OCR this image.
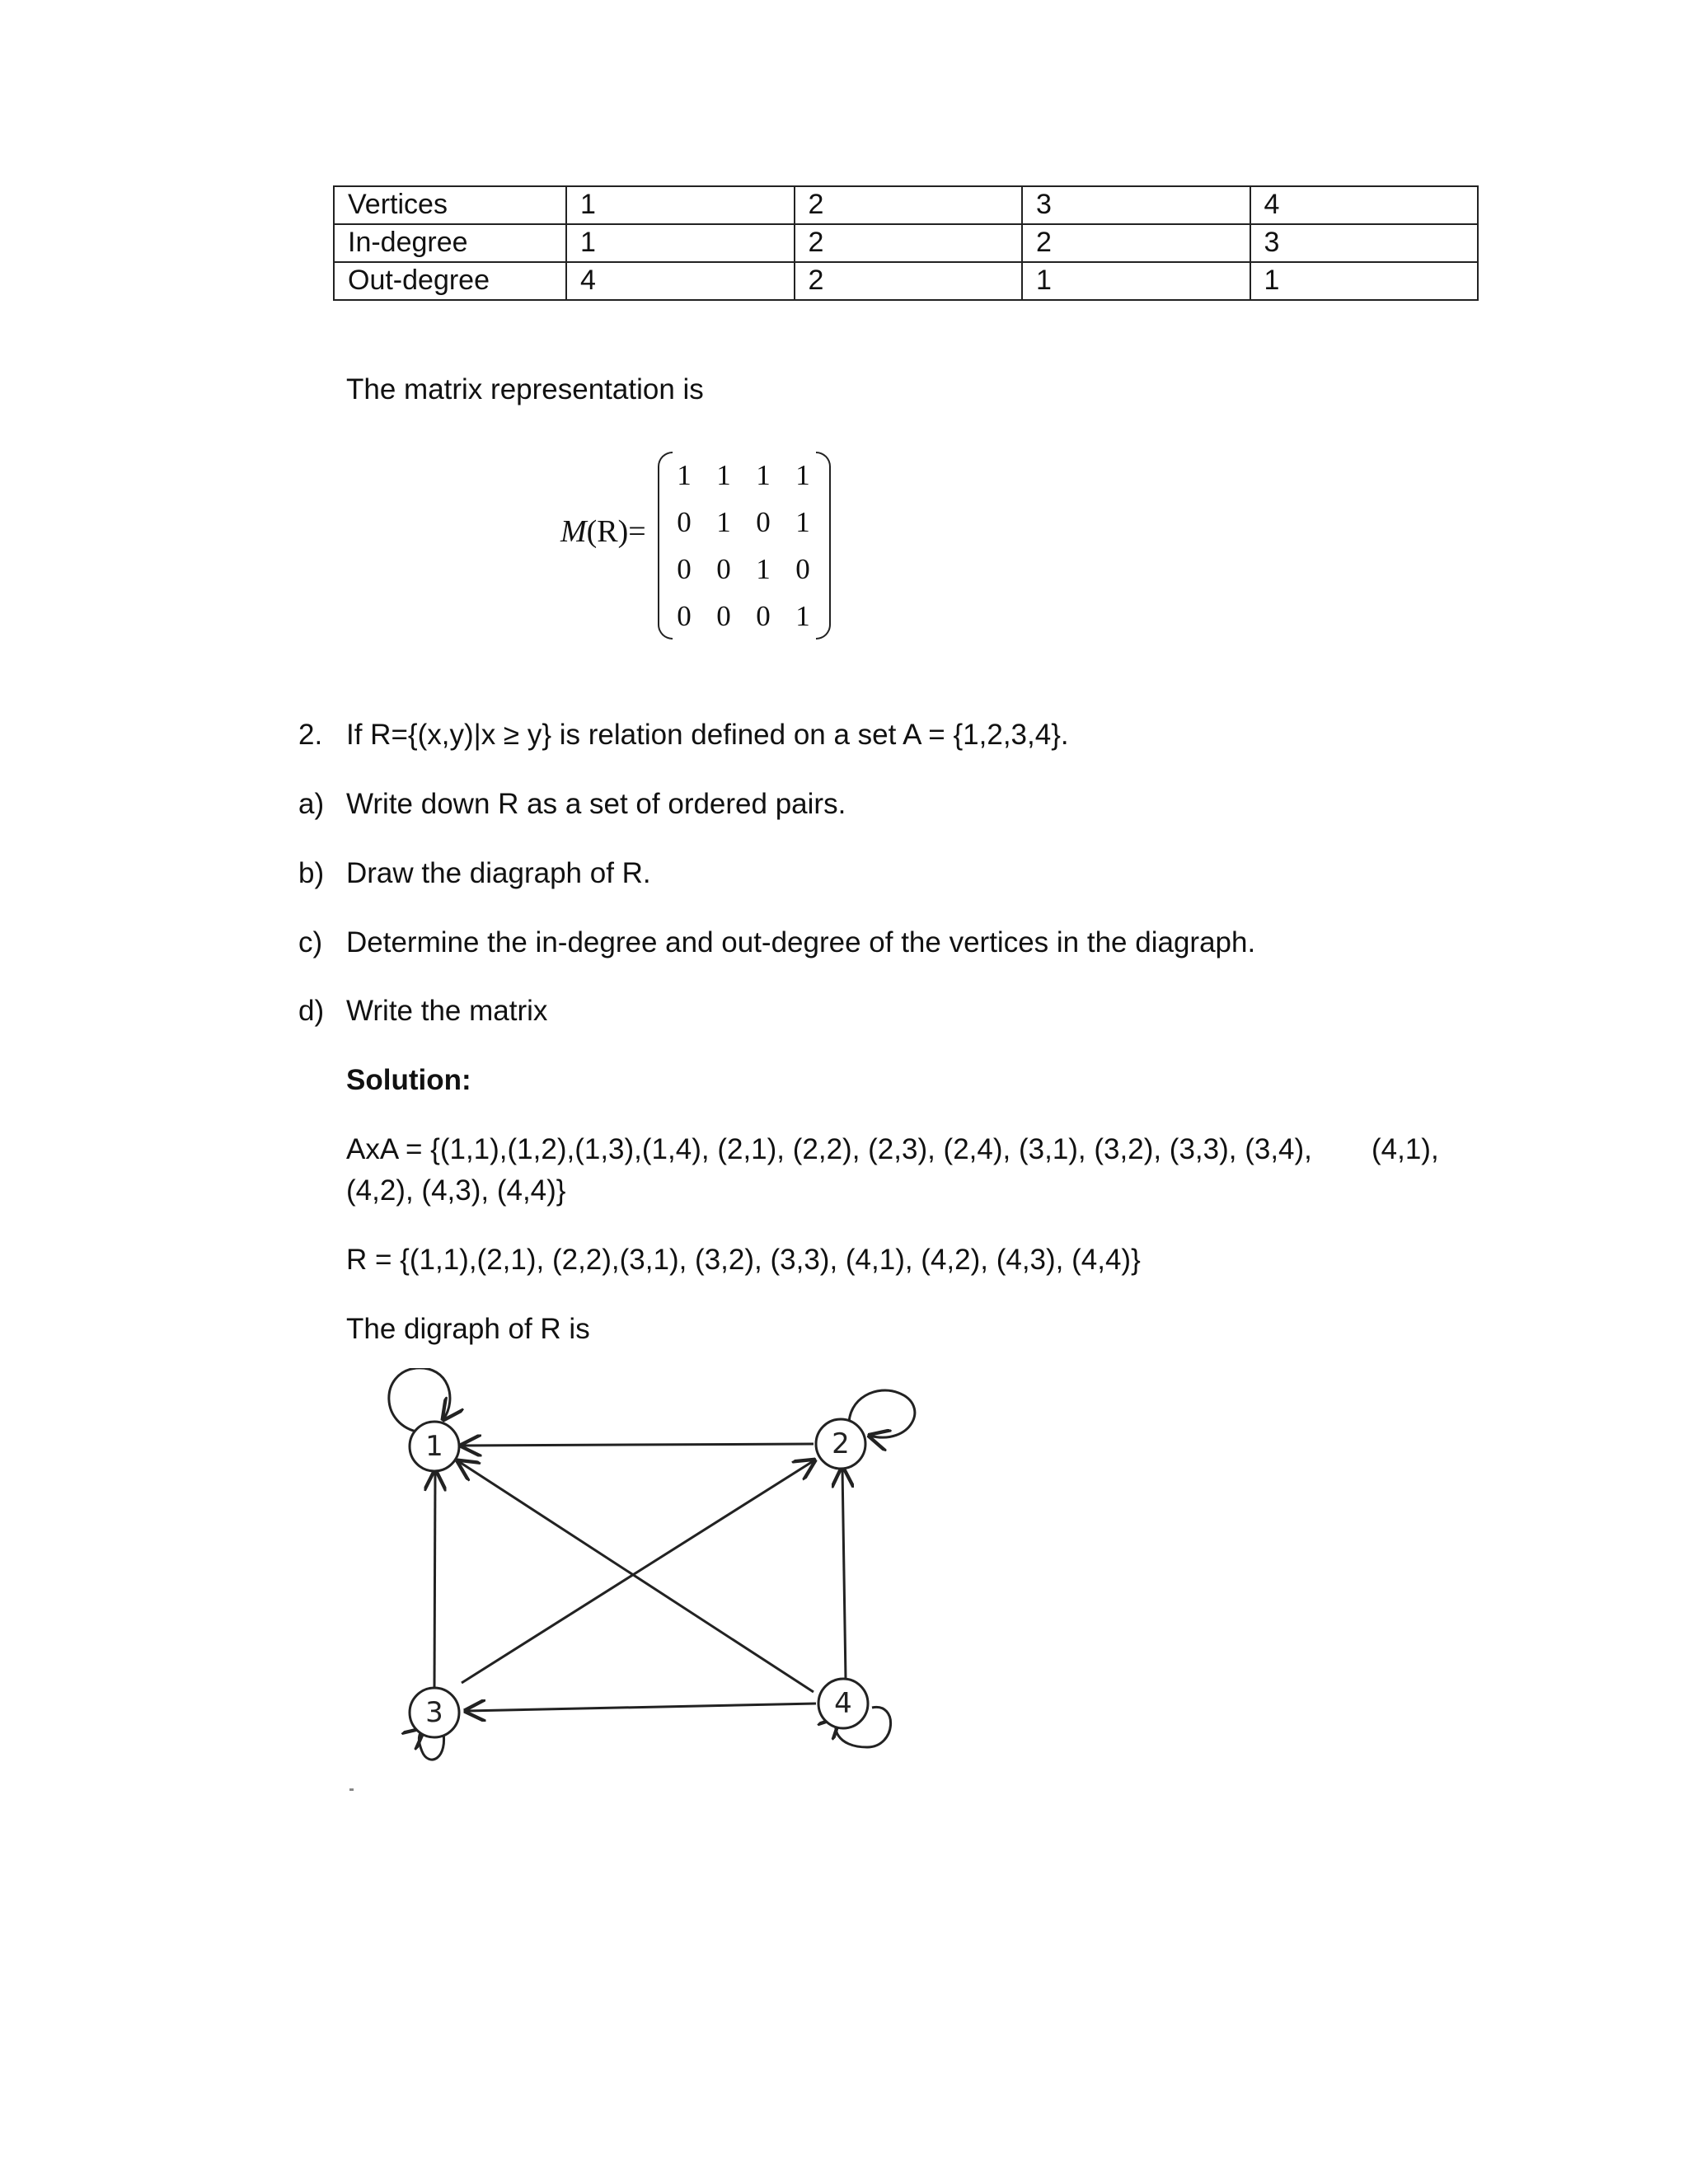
Vertices	1	2	3	4
In-degree	1	2	2	3
Out-degree	4	2	1	1
The matrix representation is
M(R)=
1 1 1 1
0 1 0 1
0 0 1 0
0 0 0 1
2. If R={(x,y)|x ≥ y} is relation defined on a set A = {1,2,3,4}.
a) Write down R as a set of ordered pairs.
b) Draw the diagraph of R.
c) Determine the in-degree and out-degree of the vertices in the diagraph.
d) Write the matrix
Solution:
AxA = {(1,1),(1,2),(1,3),(1,4), (2,1), (2,2), (2,3), (2,4), (3,1), (3,2), (3,3), (3,4), (4,1),
(4,2), (4,3), (4,4)}
R = {(1,1),(2,1), (2,2),(3,1), (3,2), (3,3), (4,1), (4,2), (4,3), (4,4)}
The digraph of R is
1	2
3	4
